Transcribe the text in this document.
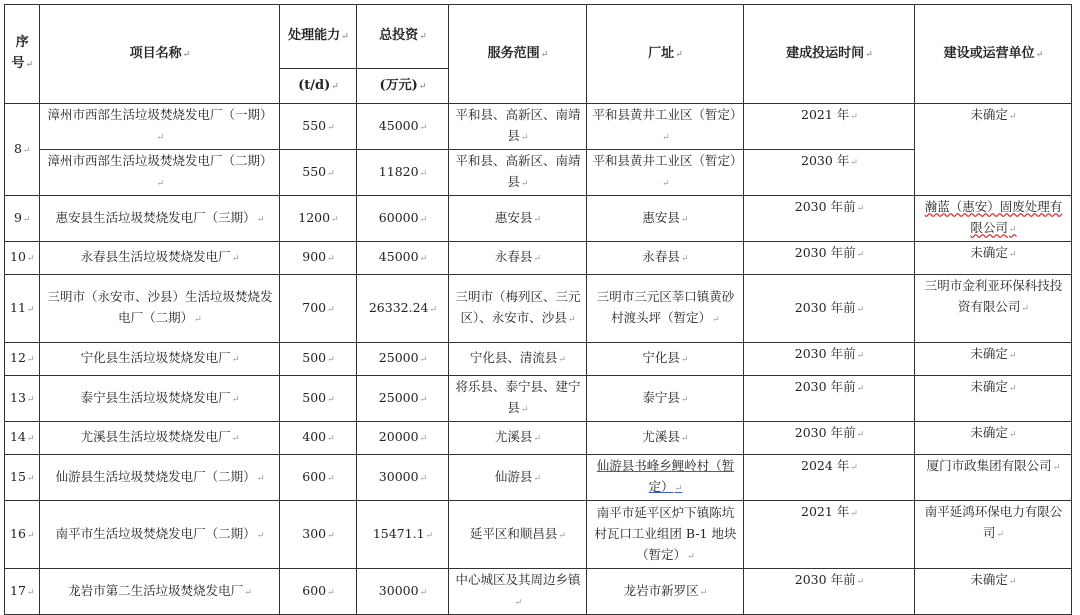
序号 ↵	项目名称 ↵	处理能力 ↵	总投资 ↵	服务范围 ↵	厂址 ↵	建成投运时间 ↵	建设或运营单位 ↵
		(t/d) ↵	(万元) ↵
8 ↵	漳州市西部生活垃圾焚烧发电厂（一期） ↵	550 ↵	45000 ↵	平和县、高新区、南靖县 ↵	平和县黄井工业区（暂定） ↵	2021 年 ↵	未确定 ↵
	漳州市西部生活垃圾焚烧发电厂（二期） ↵	550 ↵	11820 ↵	平和县、高新区、南靖县 ↵	平和县黄井工业区（暂定） ↵	2030 年 ↵
9 ↵	惠安县生活垃圾焚烧发电厂（三期） ↵	1200 ↵	60000 ↵	惠安县 ↵	惠安县 ↵	2030 年前 ↵	瀚蓝（惠安）固废处理有限公司 ↵
10 ↵	永春县生活垃圾焚烧发电厂 ↵	900 ↵	45000 ↵	永春县 ↵	永春县 ↵	2030 年前 ↵	未确定 ↵
11 ↵	三明市（永安市、沙县）生活垃圾焚烧发电厂（二期） ↵	700 ↵	26332.24 ↵	三明市（梅列区、三元区）、永安市、沙县 ↵	三明市三元区莘口镇黄砂村渡头坪（暂定） ↵	2030 年前 ↵	三明市金利亚环保科技投资有限公司 ↵
12 ↵	宁化县生活垃圾焚烧发电厂 ↵	500 ↵	25000 ↵	宁化县、清流县 ↵	宁化县 ↵	2030 年前 ↵	未确定 ↵
13 ↵	泰宁县生活垃圾焚烧发电厂 ↵	500 ↵	25000 ↵	将乐县、泰宁县、建宁县 ↵	泰宁县 ↵	2030 年前 ↵	未确定 ↵
14 ↵	尤溪县生活垃圾焚烧发电厂 ↵	400 ↵	20000 ↵	尤溪县 ↵	尤溪县 ↵	2030 年前 ↵	未确定 ↵
15 ↵	仙游县生活垃圾焚烧发电厂（二期） ↵	600 ↵	30000 ↵	仙游县 ↵	仙游县书峰乡鲤岭村（暂定） ↵	2024 年 ↵	厦门市政集团有限公司 ↵
16 ↵	南平市生活垃圾焚烧发电厂（二期） ↵	300 ↵	15471.1 ↵	延平区和顺昌县 ↵	南平市延平区炉下镇陈坑村瓦口工业组团 B-1 地块（暂定） ↵	2021 年 ↵	南平延鸿环保电力有限公司 ↵
17 ↵	龙岩市第二生活垃圾焚烧发电厂 ↵	600 ↵	30000 ↵	中心城区及其周边乡镇 ↵	龙岩市新罗区 ↵	2030 年前 ↵	未确定 ↵
